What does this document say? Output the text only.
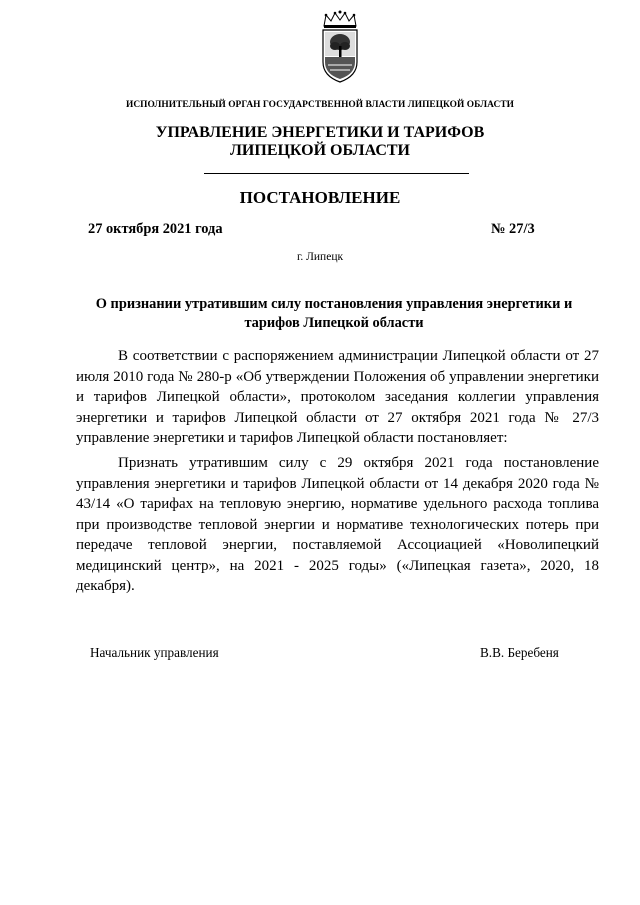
ИСПОЛНИТЕЛЬНЫЙ ОРГАН ГОСУДАРСТВЕННОЙ ВЛАСТИ ЛИПЕЦКОЙ ОБЛАСТИ
УПРАВЛЕНИЕ ЭНЕРГЕТИКИ И ТАРИФОВ
ЛИПЕЦКОЙ ОБЛАСТИ
ПОСТАНОВЛЕНИЕ
27 октября 2021 года	№ 27/3
г. Липецк
О признании утратившим силу постановления управления энергетики и тарифов Липецкой области

В соответствии с распоряжением администрации Липецкой области от 27 июля 2010 года № 280-р «Об утверждении Положения об управлении энергетики и тарифов Липецкой области», протоколом заседания коллегии управления энергетики и тарифов Липецкой области от 27 октября 2021 года № 27/3 управление энергетики и тарифов Липецкой области постановляет:

Признать утратившим силу с 29 октября 2021 года постановление управления энергетики и тарифов Липецкой области от 14 декабря 2020 года № 43/14 «О тарифах на тепловую энергию, нормативе удельного расхода топлива при производстве тепловой энергии и нормативе технологических потерь при передаче тепловой энергии, поставляемой Ассоциацией «Новолипецкий медицинский центр», на 2021 - 2025 годы» («Липецкая газета», 2020, 18 декабря).

Начальник управления	В.В. Беребеня
